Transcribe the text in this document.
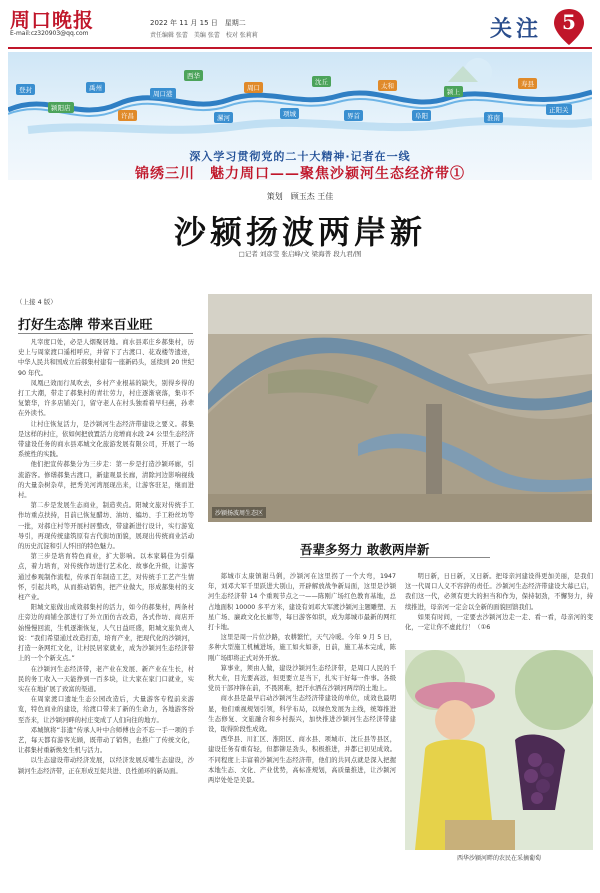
周口晚报
E-mail:cz320903@qq.com
2022 年 11 月 15 日　星期二
责任编辑 张蕾　美编 张蕾　校对 张莉莉	关注	5
登封
颍阳店
禹州
许昌
周口港
西华
漯河
周口
项城
沈丘
界首
太和
阜阳
颍上
淮南
寿县
正阳关
深入学习贯彻党的二十大精神·记者在一线
锦绣三川　魅力周口——聚焦沙颍河生态经济带①
策划　顾玉杰 王佳
沙颍扬波两岸新
□记者 刘彦莹 张启峰/文 梁海普 段九君/图
（上接 4 版）
打好生态牌 带来百业旺

凡宰度口处，必是人烟聚居地。商水县邓庄乡郝集村，历史上与周家渡口遥相呼应，并留下了古渡口、花戏楼等遗迹，中华人民共和国成立后郝集村建有一座新码头，延续到 20 世纪 90 年代。

凤凰已效而行凤吹去，乡村产业根基的缺失，别得乡得的打工大潮，带走了郝集村的青壮劳力，村庄逐渐衰落，集市不复繁华，许多店铺关门，留守老人在村头独看着早归燕，孙辈在外读书。

让村庄恢复活力，是沙颍河生态经济带建设之要义。郝集是这样的村庄，依如何把放置活力竞增商水段 24 公里生态经济带建设任务的商水县邓城文化旅游发展有限公司，开展了一场系统性的实践。

他们把宣传郝集分为三步走：第一步是打造沙颍环廊，引流游客。修缮郝集古渡口，新建观景长廊，清除河边影响视线的大量杂树杂草，把秀美河湾展现出来，让游客驻足，继而进村。

第二步是发展生态商业，制造卖点。阳城文旅对传统手工作坊重点扶持，目前已恢复醋坊、油坊、编坊、手工粉丝坊等一批，对郝庄村等开展村居整改，带建新进行设计，实行游览导引，再现传统建筑原有古代街坊面貌，展现出传统商业活动的历史沉淀和引人怀旧的特色魅力。

第三步是培育特色商业，扩大影响。以本家羁佳为引爆点，着力培育，对传统作坊进行艺术化、故事化升级，让游客通过参观制作流程，传承百年制造工艺，对传统手工艺产生情怀，引起共鸣，从而推动销售，把产业做大，形成郝集村的支柱产业。

阳城文旅做出成效郝集村的活力，如今的郝集村，两条村庄旁边的商铺全部进行了外立面仿古改造，各式作坊、商店开始慢慢回流，生机逐渐恢复，人气日益旺盛，阳城文旅负责人说：“我们希望通过改造打造，培育产业，把现代化的沙颍河，打造一条网红文化，让村民居家就业，成为沙颍河生态经济带上的一个个新支点。”

在沙颍河生态经济带，老产业在发展、新产业在生长，村民的务工收入一天能挣到一百多块，让大家在家门口就业，实实在在地扩展了致富的渠道。

在周家渡口遗址生态公园改造后，大量游客专程前来游览，特色商业的建设，给渡口带来了新的生命力，各地游客纷至沓来，让沙颍河畔的村庄变成了人们向往的地方。

邓城镇将“非遗”传承人叶中合师傅也会不忘一手一项的手艺，每天都有游客光顾，既带动了销售，也推广了传统文化，让郝集村重新焕发生机与活力。

以生态建设带动经济发展，以经济发展反哺生态建设，沙颍河生态经济带，正在形成互促共进、良性循环的新局面。

沙颍扬波周生态区
吾辈多努力 敢教两岸新

郯城市太康镇谢马俐，沙颍河在这里拐了一个大弯，1947 年，刘邓大军千里跃进大别山，开辟解放战争新局面，这里是沙颍河生态经济带 14 个重观节点之一——陈刚广场红色教育基地，总占地面积 10000 多平方米，建设有刘邓大军渡沙颍河主题雕塑、五星广场、廉政文化长廊等，每日游客如织，成为郯城市最新的网红打卡地。

这里是周一片位沙路，农耕繁忙，天气冷暖。今年 9 月 5 日，多种大型施工机械进场，施工如火如荼，日前，施工基本完成，陈刚广场即将正式对外开放。

算事业，须由人做，建设沙颍河生态经济带，是周口人民的千秋大业，目光要高远，但更要立足当下，扎实干好每一件事。各级党员干部冲锋在前，不畏困难，把汗水洒在沙颍河两岸的土地上。

商水县是最早启动沙颍河生态经济带建设的单位，成效也最明显，他们重视规划引领，科学布局，以绿色发展为主线，统筹推进生态修复、文旅融合和乡村振兴，加快推进沙颍河生态经济带建设，取得阶段性成效。

西华县、川汇区、淮阳区、商水县、项城市、沈丘县等县区，建设任务有重有轻，但都铆足劲头，积极推进，并都已初见成效。不同程度上丰富着沙颍河生态经济带，他们的共同点就是深入把握本地生态、文化、产业优势，高标准规划，高质量推进，让沙颍河两岸处处是美景。

明日新，日日新，又日新。把母亲河建设得更加美丽，是我们这一代周口人义不容辞的责任。沙颍河生态经济带建设大幕已启，我们这一代，必须有更大的担当和作为，保持韧劲，不懈努力，持续推进，母亲河一定会以全新的面貌回馈我们。

如果有时间，一定要去沙颍河边走一走、看一看，母亲河的变化，一定让你不虚此行！（①6

西华沙颍河畔的农民在采摘葡萄
